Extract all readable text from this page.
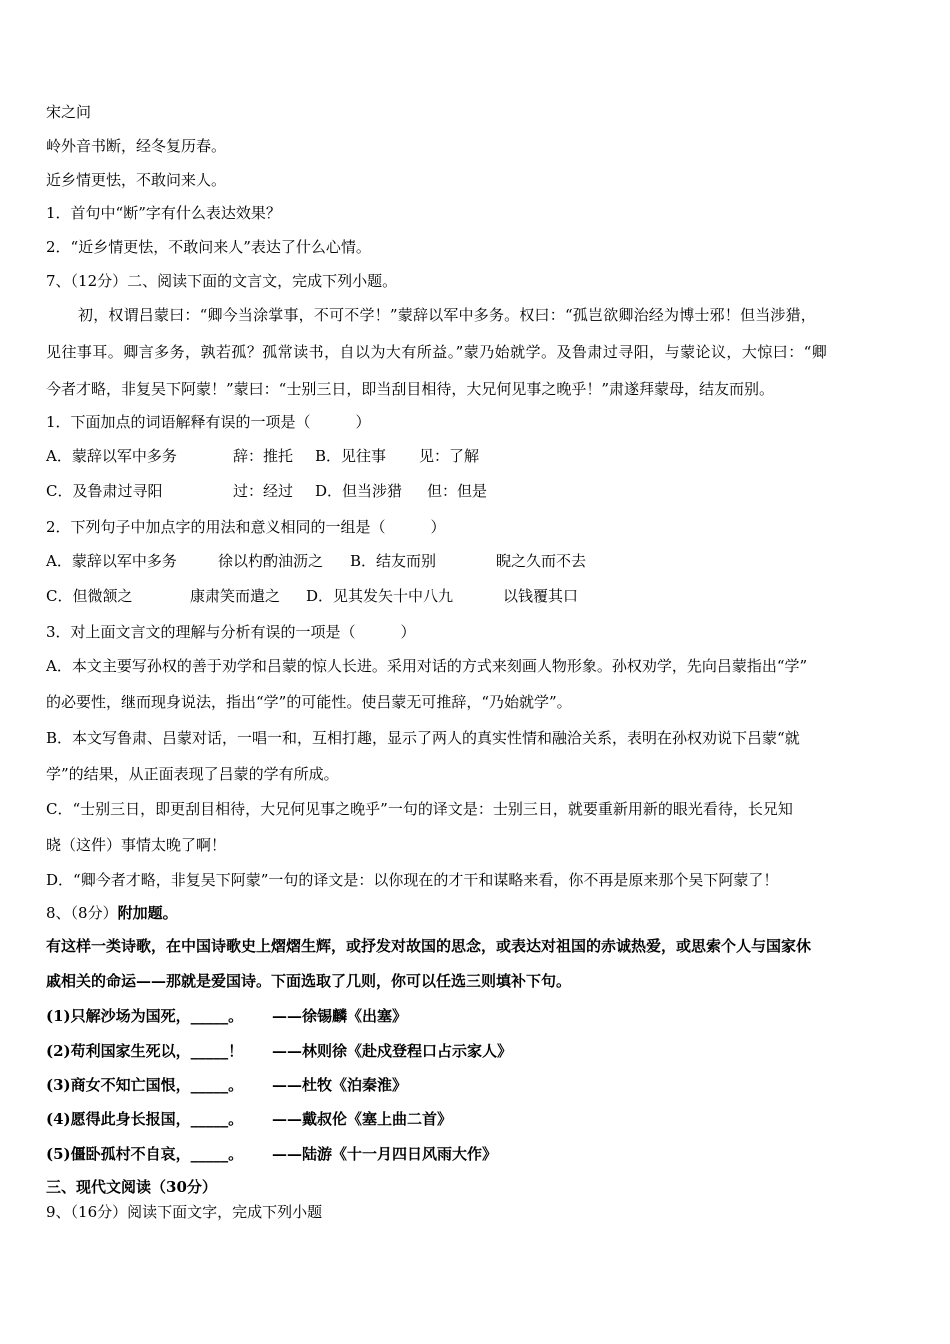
宋之问
岭外音书断，经冬复历春。
近乡情更怯，不敢问来人。
1．首句中“断”字有什么表达效果？
2．“近乡情更怯，不敢问来人”表达了什么心情。
7、（12分）二、阅读下面的文言文，完成下列小题。
初，权谓吕蒙曰：“卿今当涂掌事，不可不学！”蒙辞以军中多务。权曰：“孤岂欲卿治经为博士邪！但当涉猎，
见往事耳。卿言多务，孰若孤？孤常读书，自以为大有所益。”蒙乃始就学。及鲁肃过寻阳，与蒙论议，大惊曰：“卿
今者才略，非复吴下阿蒙！”蒙曰：“士别三日，即当刮目相待，大兄何见事之晚乎！”肃遂拜蒙母，结友而别。
1．下面加点的词语解释有误的一项是（　　　）
A．蒙辞以军中多务	辞：推托 B．见往事 见：了解
C．及鲁肃过寻阳	过：经过 D．但当涉猎 但：但是
2．下列句子中加点字的用法和意义相同的一组是（　　　）
A．蒙辞以军中多务	徐以杓酌油沥之 B．结友而别	睨之久而不去
C．但微颔之	康肃笑而遣之 D．见其发矢十中八九	以钱覆其口
3．对上面文言文的理解与分析有误的一项是（　　　）
A．本文主要写孙权的善于劝学和吕蒙的惊人长进。采用对话的方式来刻画人物形象。孙权劝学，先向吕蒙指出“学”
的必要性，继而现身说法，指出“学”的可能性。使吕蒙无可推辞，“乃始就学”。
B．本文写鲁肃、吕蒙对话，一唱一和，互相打趣，显示了两人的真实性情和融洽关系，表明在孙权劝说下吕蒙“就
学”的结果，从正面表现了吕蒙的学有所成。
C．“士别三日，即更刮目相待，大兄何见事之晚乎”一句的译文是：士别三日，就要重新用新的眼光看待，长兄知
晓（这件）事情太晚了啊！
D．“卿今者才略，非复吴下阿蒙”一句的译文是：以你现在的才干和谋略来看，你不再是原来那个吴下阿蒙了！
8、（8分）附加题。
有这样一类诗歌，在中国诗歌史上熠熠生辉，或抒发对故国的思念，或表达对祖国的赤诚热爱，或思索个人与国家休
戚相关的命运——那就是爱国诗。下面选取了几则，你可以任选三则填补下句。
(1)只解沙场为国死，_____。 ——徐锡麟《出塞》
(2)苟利国家生死以，_____！ ——林则徐《赴戍登程口占示家人》
(3)商女不知亡国恨，_____。 ——杜牧《泊秦淮》
(4)愿得此身长报国，_____。 ——戴叔伦《塞上曲二首》
(5)僵卧孤村不自哀，_____。 ——陆游《十一月四日风雨大作》
三、现代文阅读（30分）
9、（16分）阅读下面文字，完成下列小题
